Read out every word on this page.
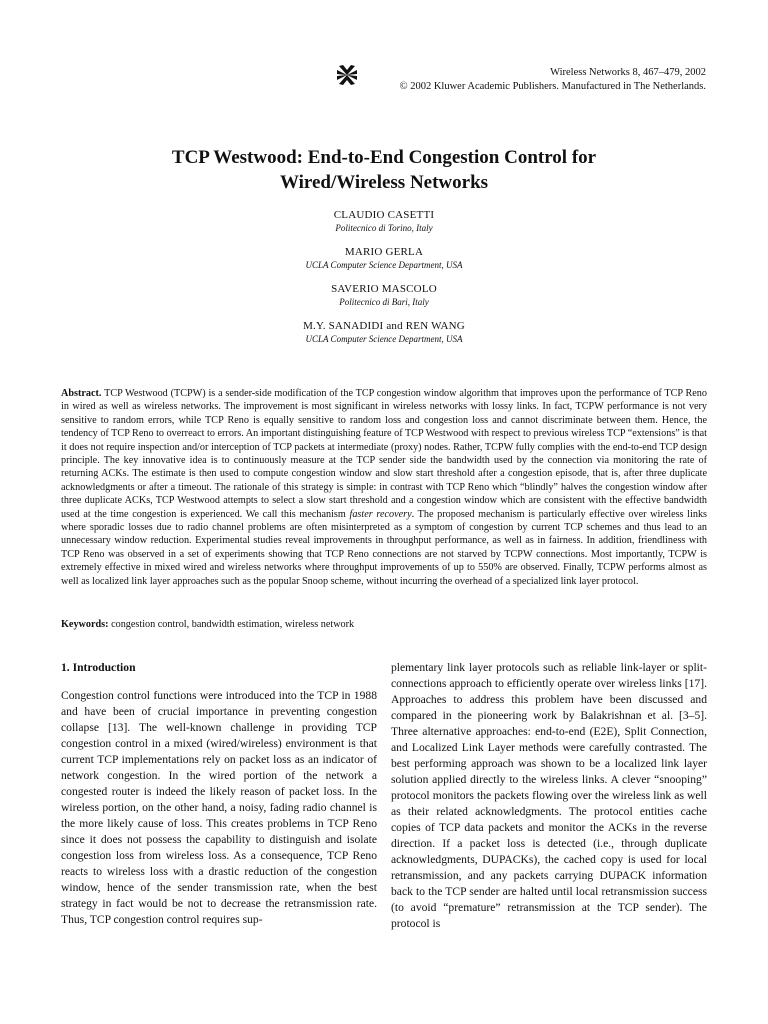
Wireless Networks 8, 467–479, 2002
© 2002 Kluwer Academic Publishers. Manufactured in The Netherlands.
TCP Westwood: End-to-End Congestion Control for
Wired/Wireless Networks
CLAUDIO CASETTI
Politecnico di Torino, Italy
MARIO GERLA
UCLA Computer Science Department, USA
SAVERIO MASCOLO
Politecnico di Bari, Italy
M.Y. SANADIDI and REN WANG
UCLA Computer Science Department, USA

Abstract. TCP Westwood (TCPW) is a sender-side modification of the TCP congestion window algorithm that improves upon the performance of TCP Reno in wired as well as wireless networks. The improvement is most significant in wireless networks with lossy links. In fact, TCPW performance is not very sensitive to random errors, while TCP Reno is equally sensitive to random loss and congestion loss and cannot discriminate between them. Hence, the tendency of TCP Reno to overreact to errors. An important distinguishing feature of TCP Westwood with respect to previous wireless TCP “extensions” is that it does not require inspection and/or interception of TCP packets at intermediate (proxy) nodes. Rather, TCPW fully complies with the end-to-end TCP design principle. The key innovative idea is to continuously measure at the TCP sender side the bandwidth used by the connection via monitoring the rate of returning ACKs. The estimate is then used to compute congestion window and slow start threshold after a congestion episode, that is, after three duplicate acknowledgments or after a timeout. The rationale of this strategy is simple: in contrast with TCP Reno which “blindly” halves the congestion window after three duplicate ACKs, TCP Westwood attempts to select a slow start threshold and a congestion window which are consistent with the effective bandwidth used at the time congestion is experienced. We call this mechanism faster recovery. The proposed mechanism is particularly effective over wireless links where sporadic losses due to radio channel problems are often misinterpreted as a symptom of congestion by current TCP schemes and thus lead to an unnecessary window reduction. Experimental studies reveal improvements in throughput performance, as well as in fairness. In addition, friendliness with TCP Reno was observed in a set of experiments showing that TCP Reno connections are not starved by TCPW connections. Most importantly, TCPW is extremely effective in mixed wired and wireless networks where throughput improvements of up to 550% are observed. Finally, TCPW performs almost as well as localized link layer approaches such as the popular Snoop scheme, without incurring the overhead of a specialized link layer protocol.

Keywords: congestion control, bandwidth estimation, wireless network

1. Introduction

Congestion control functions were introduced into the TCP in 1988 and have been of crucial importance in preventing congestion collapse [13]. The well-known challenge in providing TCP congestion control in a mixed (wired/wireless) environment is that current TCP implementations rely on packet loss as an indicator of network congestion. In the wired portion of the network a congested router is indeed the likely reason of packet loss. In the wireless portion, on the other hand, a noisy, fading radio channel is the more likely cause of loss. This creates problems in TCP Reno since it does not possess the capability to distinguish and isolate congestion loss from wireless loss. As a consequence, TCP Reno reacts to wireless loss with a drastic reduction of the congestion window, hence of the sender transmission rate, when the best strategy in fact would be not to decrease the retransmission rate. Thus, TCP congestion control requires sup-

plementary link layer protocols such as reliable link-layer or split-connections approach to efficiently operate over wireless links [17]. Approaches to address this problem have been discussed and compared in the pioneering work by Balakrishnan et al. [3–5]. Three alternative approaches: end-to-end (E2E), Split Connection, and Localized Link Layer methods were carefully contrasted. The best performing approach was shown to be a localized link layer solution applied directly to the wireless links. A clever “snooping” protocol monitors the packets flowing over the wireless link as well as their related acknowledgments. The protocol entities cache copies of TCP data packets and monitor the ACKs in the reverse direction. If a packet loss is detected (i.e., through duplicate acknowledgments, DUPACKs), the cached copy is used for local retransmission, and any packets carrying DUPACK information back to the TCP sender are halted until local retransmission success (to avoid “premature” retransmission at the TCP sender). The protocol is
